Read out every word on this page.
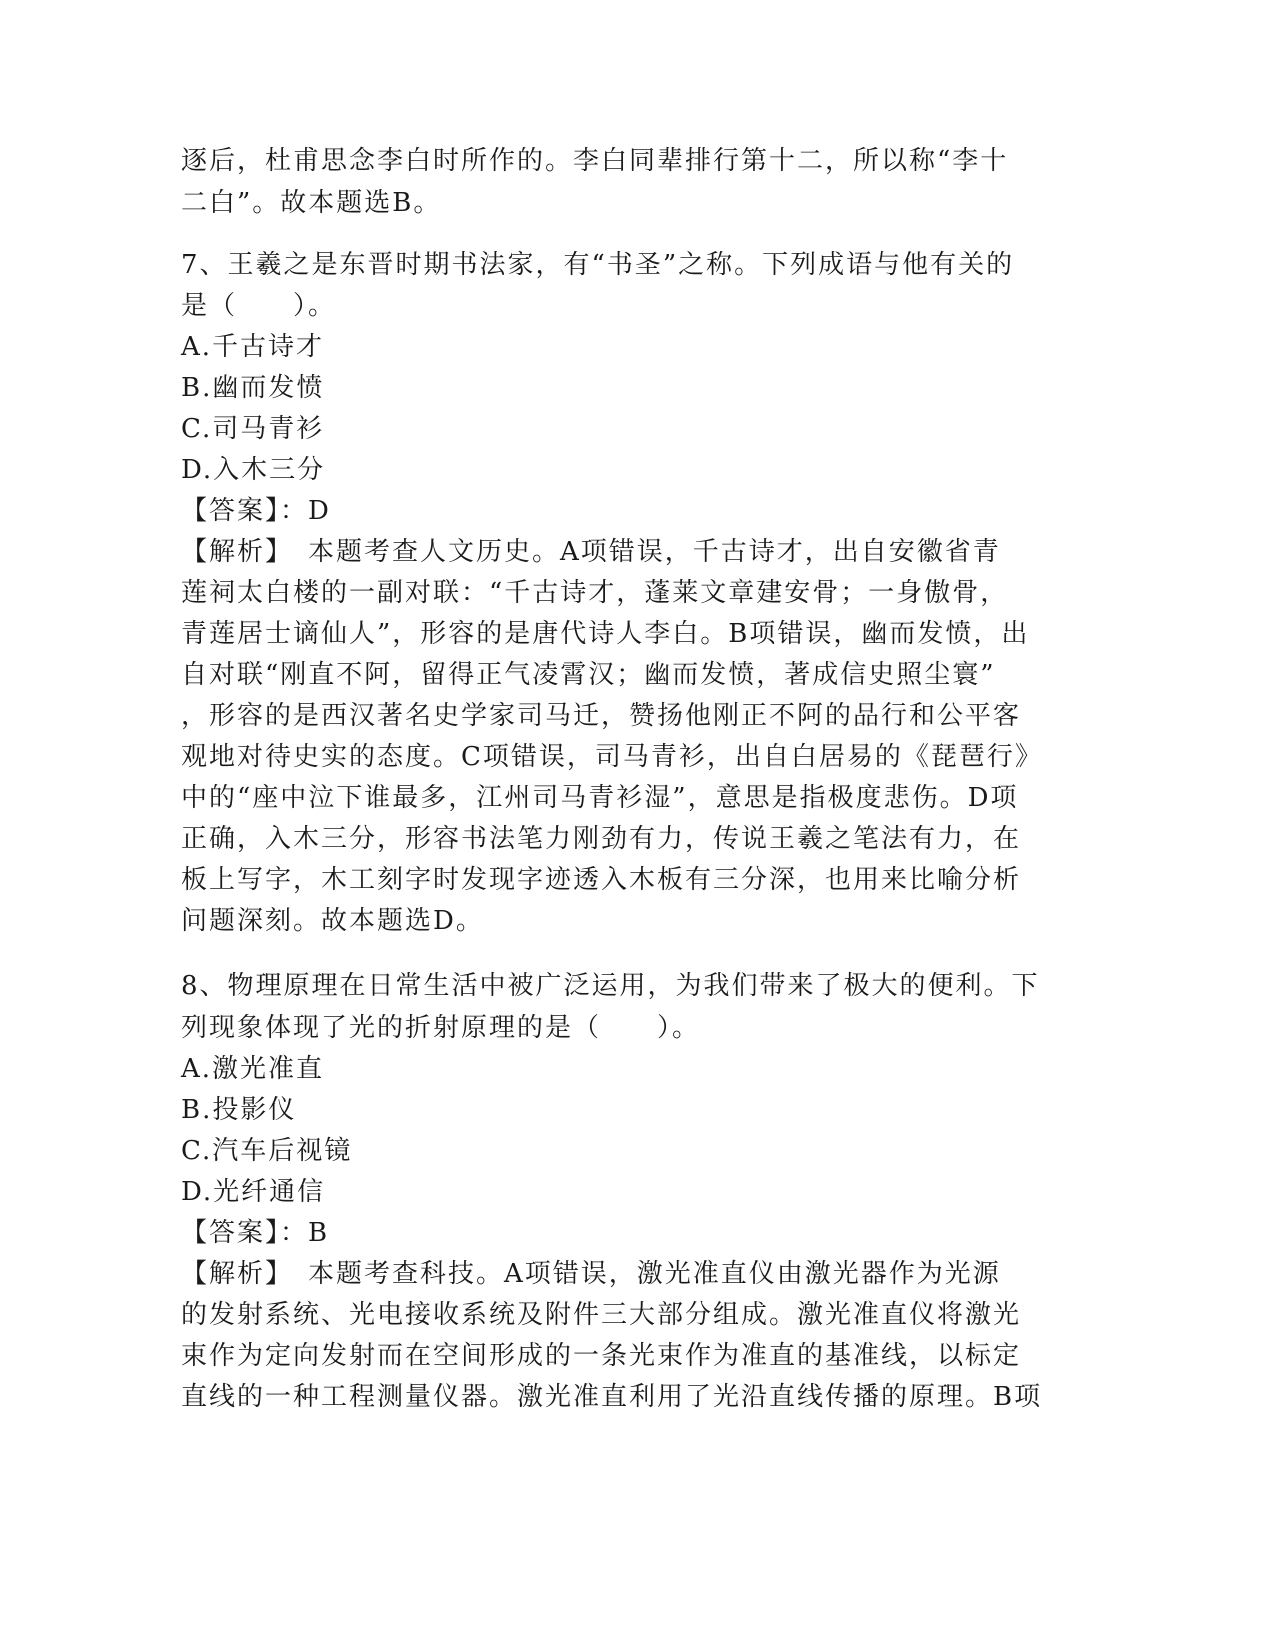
逐后，杜甫思念李白时所作的。李白同辈排行第十二，所以称“李十
二白”。故本题选B。
7、王羲之是东晋时期书法家，有“书圣”之称。下列成语与他有关的
是（　　）。
A.千古诗才
B.幽而发愤
C.司马青衫
D.入木三分
【答案】：D
【解析】　本题考查人文历史。A项错误，千古诗才，出自安徽省青
莲祠太白楼的一副对联：“千古诗才，蓬莱文章建安骨；一身傲骨，
青莲居士谪仙人”，形容的是唐代诗人李白。B项错误，幽而发愤，出
自对联“刚直不阿，留得正气凌霄汉；幽而发愤，著成信史照尘寰”
，形容的是西汉著名史学家司马迁，赞扬他刚正不阿的品行和公平客
观地对待史实的态度。C项错误，司马青衫，出自白居易的《琵琶行》
中的“座中泣下谁最多，江州司马青衫湿”，意思是指极度悲伤。D项
正确，入木三分，形容书法笔力刚劲有力，传说王羲之笔法有力，在
板上写字，木工刻字时发现字迹透入木板有三分深，也用来比喻分析
问题深刻。故本题选D。
8、物理原理在日常生活中被广泛运用，为我们带来了极大的便利。下
列现象体现了光的折射原理的是（　　）。
A.激光准直
B.投影仪
C.汽车后视镜
D.光纤通信
【答案】：B
【解析】　本题考查科技。A项错误，激光准直仪由激光器作为光源
的发射系统、光电接收系统及附件三大部分组成。激光准直仪将激光
束作为定向发射而在空间形成的一条光束作为准直的基准线，以标定
直线的一种工程测量仪器。激光准直利用了光沿直线传播的原理。B项
